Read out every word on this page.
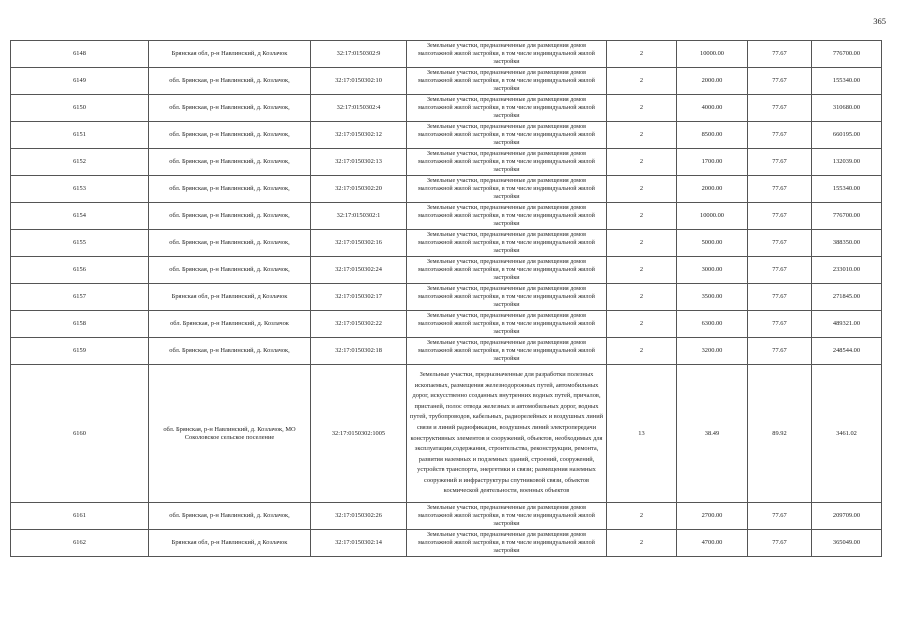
365
6148	Брянская обл, р-н Навлинский, д Козлачок	32:17:0150302:9	Земельные участки, предназначенные для размещения домов малоэтажной жилой застройки, в том числе индивидуальной жилой застройки	2	10000.00	77.67	776700.00
6149	обл. Брянская, р-н Навлинский, д. Козлачок,	32:17:0150302:10	Земельные участки, предназначенные для размещения домов малоэтажной жилой застройки, в том числе индивидуальной жилой застройки	2	2000.00	77.67	155340.00
6150	обл. Брянская, р-н Навлинский, д. Козлачок,	32:17:0150302:4	Земельные участки, предназначенные для размещения домов малоэтажной жилой застройки, в том числе индивидуальной жилой застройки	2	4000.00	77.67	310680.00
6151	обл. Брянская, р-н Навлинский, д. Козлачок,	32:17:0150302:12	Земельные участки, предназначенные для размещения домов малоэтажной жилой застройки, в том числе индивидуальной жилой застройки	2	8500.00	77.67	660195.00
6152	обл. Брянская, р-н Навлинский, д. Козлачок,	32:17:0150302:13	Земельные участки, предназначенные для размещения домов малоэтажной жилой застройки, в том числе индивидуальной жилой застройки	2	1700.00	77.67	132039.00
6153	обл. Брянская, р-н Навлинский, д. Козлачок,	32:17:0150302:20	Земельные участки, предназначенные для размещения домов малоэтажной жилой застройки, в том числе индивидуальной жилой застройки	2	2000.00	77.67	155340.00
6154	обл. Брянская, р-н Навлинский, д. Козлачок,	32:17:0150302:1	Земельные участки, предназначенные для размещения домов малоэтажной жилой застройки, в том числе индивидуальной жилой застройки	2	10000.00	77.67	776700.00
6155	обл. Брянская, р-н Навлинский, д. Козлачок,	32:17:0150302:16	Земельные участки, предназначенные для размещения домов малоэтажной жилой застройки, в том числе индивидуальной жилой застройки	2	5000.00	77.67	388350.00
6156	обл. Брянская, р-н Навлинский, д. Козлачок,	32:17:0150302:24	Земельные участки, предназначенные для размещения домов малоэтажной жилой застройки, в том числе индивидуальной жилой застройки	2	3000.00	77.67	233010.00
6157	Брянская обл, р-н Навлинский, д Козлачок	32:17:0150302:17	Земельные участки, предназначенные для размещения домов малоэтажной жилой застройки, в том числе индивидуальной жилой застройки	2	3500.00	77.67	271845.00
6158	обл. Брянская, р-н Навлинский, д. Козлачок	32:17:0150302:22	Земельные участки, предназначенные для размещения домов малоэтажной жилой застройки, в том числе индивидуальной жилой застройки	2	6300.00	77.67	489321.00
6159	обл. Брянская, р-н Навлинский, д. Козлачок,	32:17:0150302:18	Земельные участки, предназначенные для размещения домов малоэтажной жилой застройки, в том числе индивидуальной жилой застройки	2	3200.00	77.67	248544.00
6160	обл. Брянская, р-н Навлинский, д. Козлачок, МО Соколовское сельское поселение	32:17:0150302:1005	Земельные участки, предназначенные для разработки полезных ископаемых, размещения железнодорожных путей, автомобильных дорог, искусственно созданных внутренних водных путей, причалов, пристаней, полос отвода железных и автомобильных дорог, водных путей, трубопроводов, кабельных, радиорелейных и воздушных линий связи и линий радиофикации, воздушных линий электропередачи конструктивных элементов и сооружений, объектов, необходимых для эксплуатации,содержания, строительства, реконструкции, ремонта, развития наземных и подземных зданий, строений, сооружений, устройств транспорта, энергетики и связи; размещения наземных сооружений и инфраструктуры спутниковой связи, объектов космической деятельности, военных объектов	13	38.49	89.92	3461.02
6161	обл. Брянская, р-н Навлинский, д. Козлачок,	32:17:0150302:26	Земельные участки, предназначенные для размещения домов малоэтажной жилой застройки, в том числе индивидуальной жилой застройки	2	2700.00	77.67	209709.00
6162	Брянская обл, р-н Навлинский, д Козлачок	32:17:0150302:14	Земельные участки, предназначенные для размещения домов малоэтажной жилой застройки, в том числе индивидуальной жилой застройки	2	4700.00	77.67	365049.00
